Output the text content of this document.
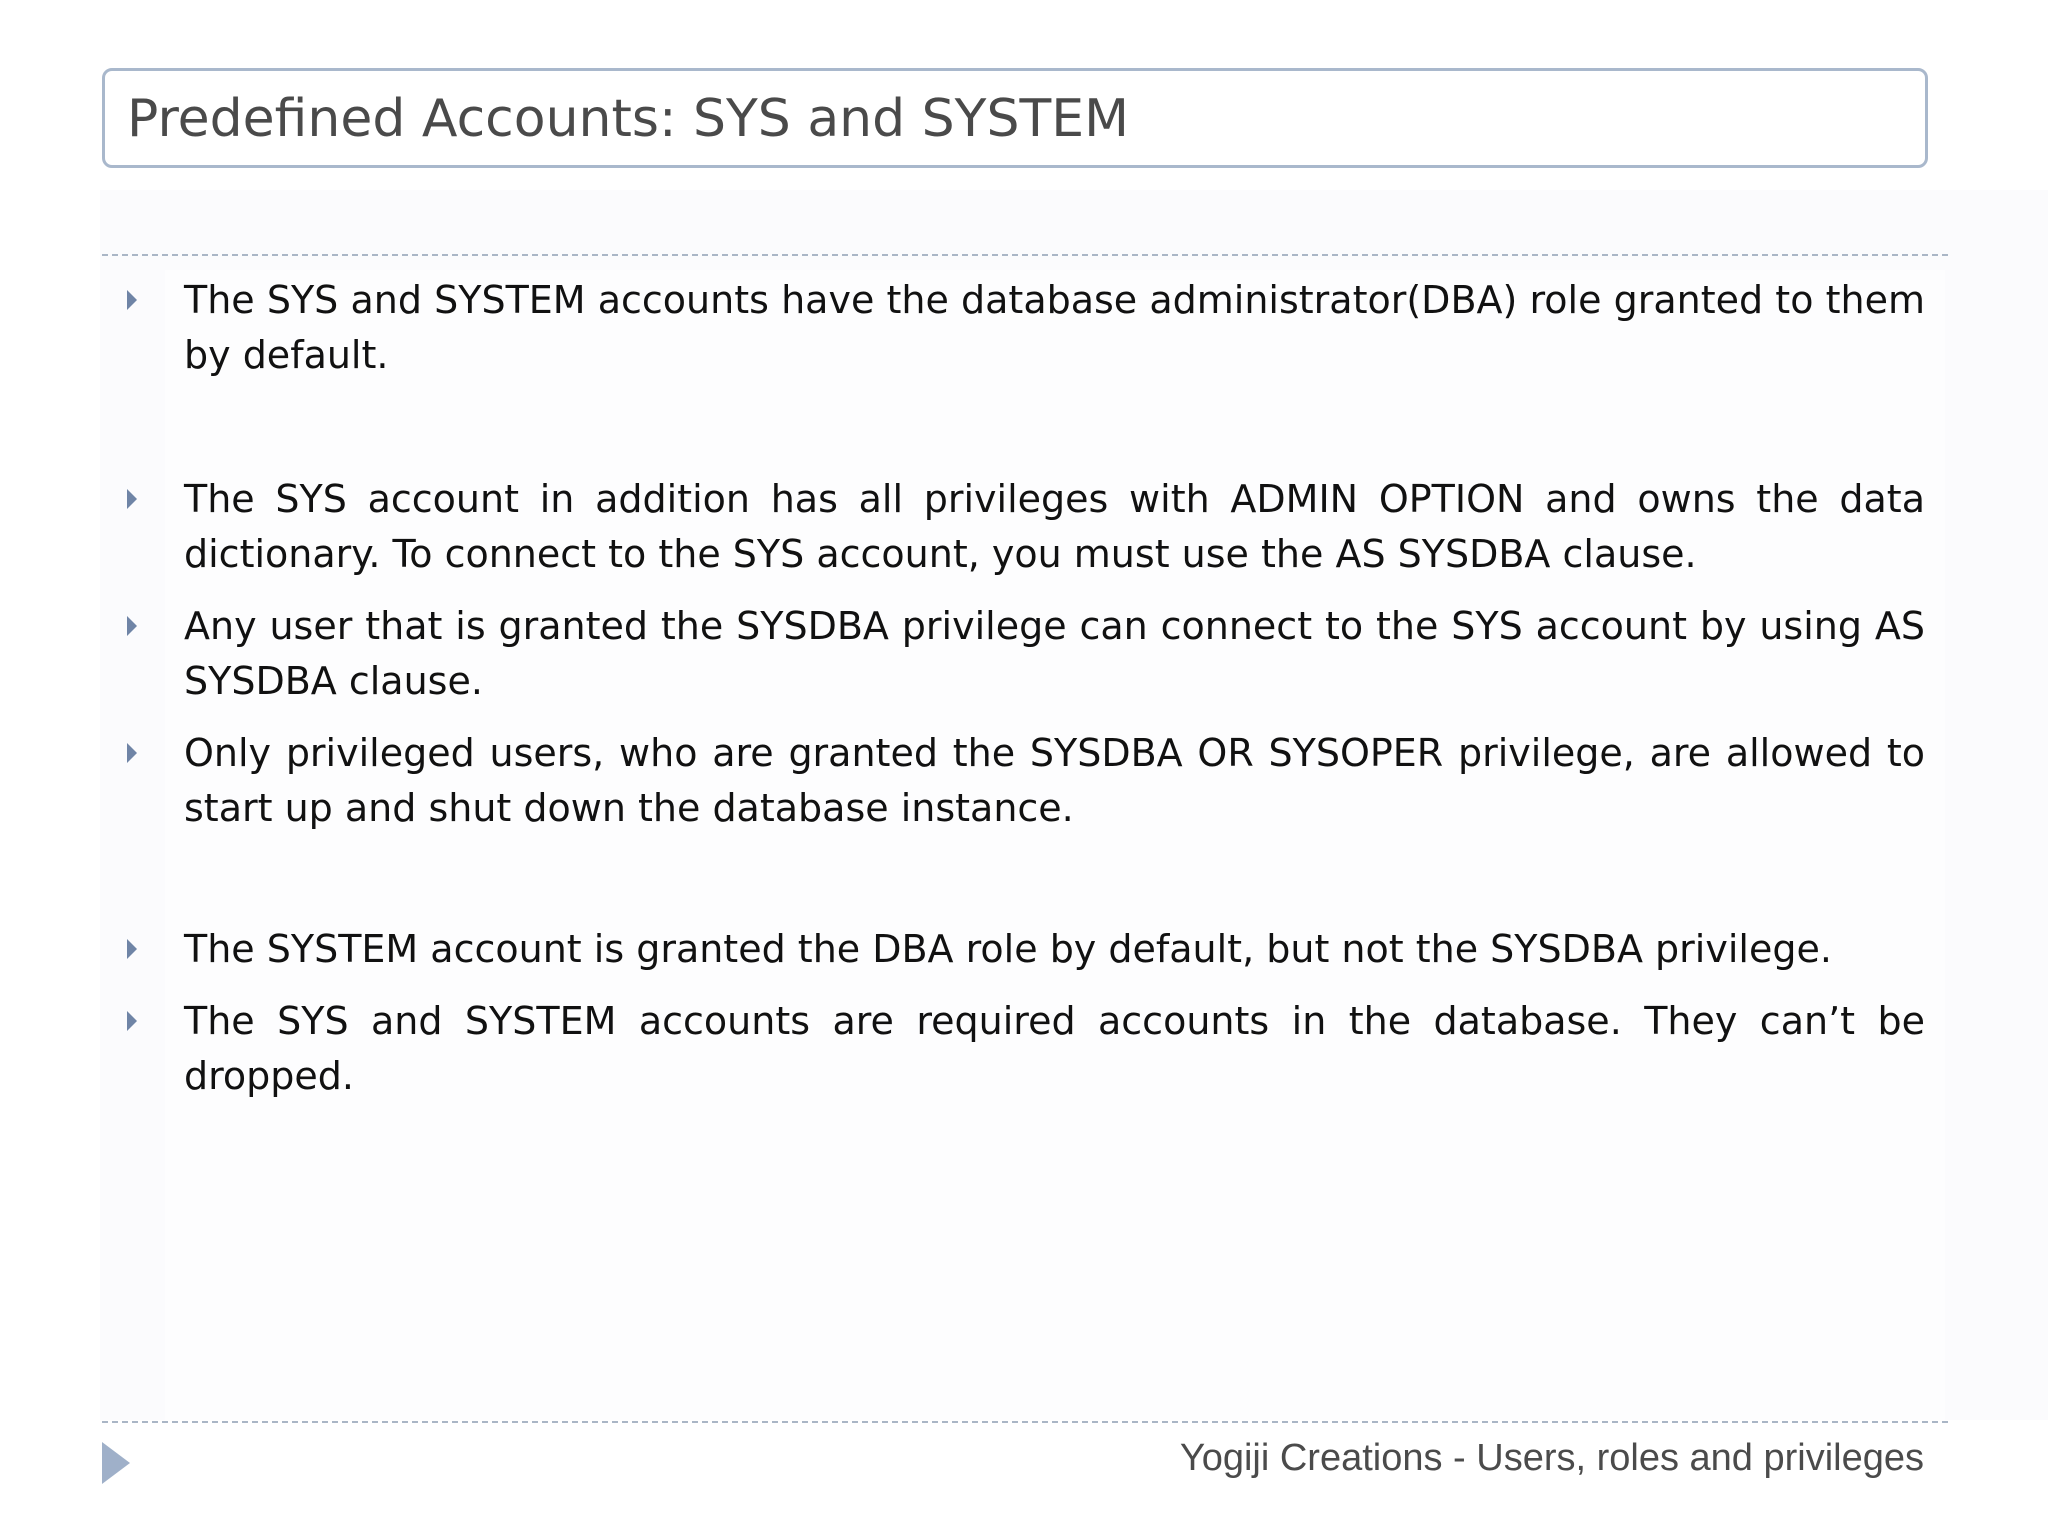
Predefined Accounts: SYS and SYSTEM
The SYS and SYSTEM accounts have the database administrator(DBA) role granted to them by default.
The SYS account in addition has all privileges with ADMIN OPTION and owns the data dictionary. To connect to the SYS account, you must use the AS SYSDBA clause.
Any user that is granted the SYSDBA privilege can connect to the SYS account by using AS SYSDBA clause.
Only privileged users, who are granted the SYSDBA OR SYSOPER privilege, are allowed to start up and shut down the database instance.
The SYSTEM account is granted the DBA role by default, but not the SYSDBA privilege.
The SYS and SYSTEM accounts are required accounts in the database. They can’t be dropped.
Yogiji Creations - Users, roles and privileges
